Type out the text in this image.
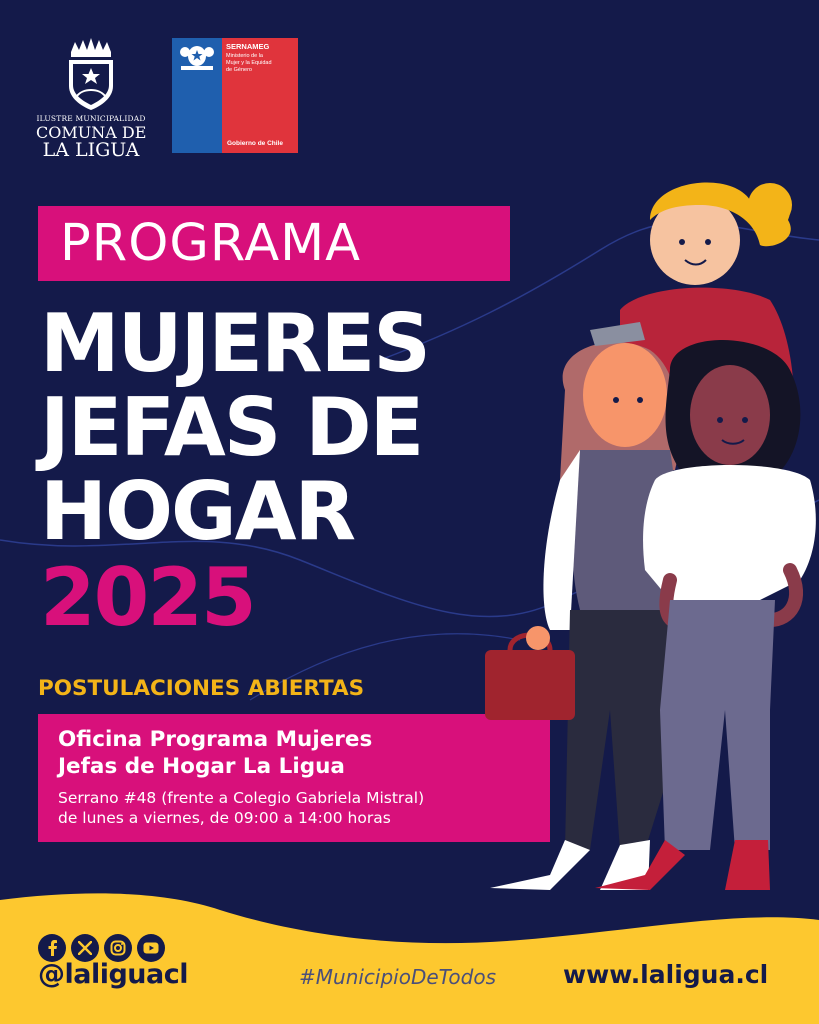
ILUSTRE MUNICIPALIDAD
COMUNA DE
LA LIGUA
SERNAMEG
Ministerio de la
Mujer y la Equidad
de Género
Gobierno de Chile
PROGRAMA
MUJERES
JEFAS DE
HOGAR
2025
POSTULACIONES ABIERTAS
Oficina Programa Mujeres
Jefas de Hogar La Ligua
Serrano #48 (frente a Colegio Gabriela Mistral)
de lunes a viernes, de 09:00 a 14:00 horas
@laliguacl	#MunicipioDeTodos	www.laligua.cl
